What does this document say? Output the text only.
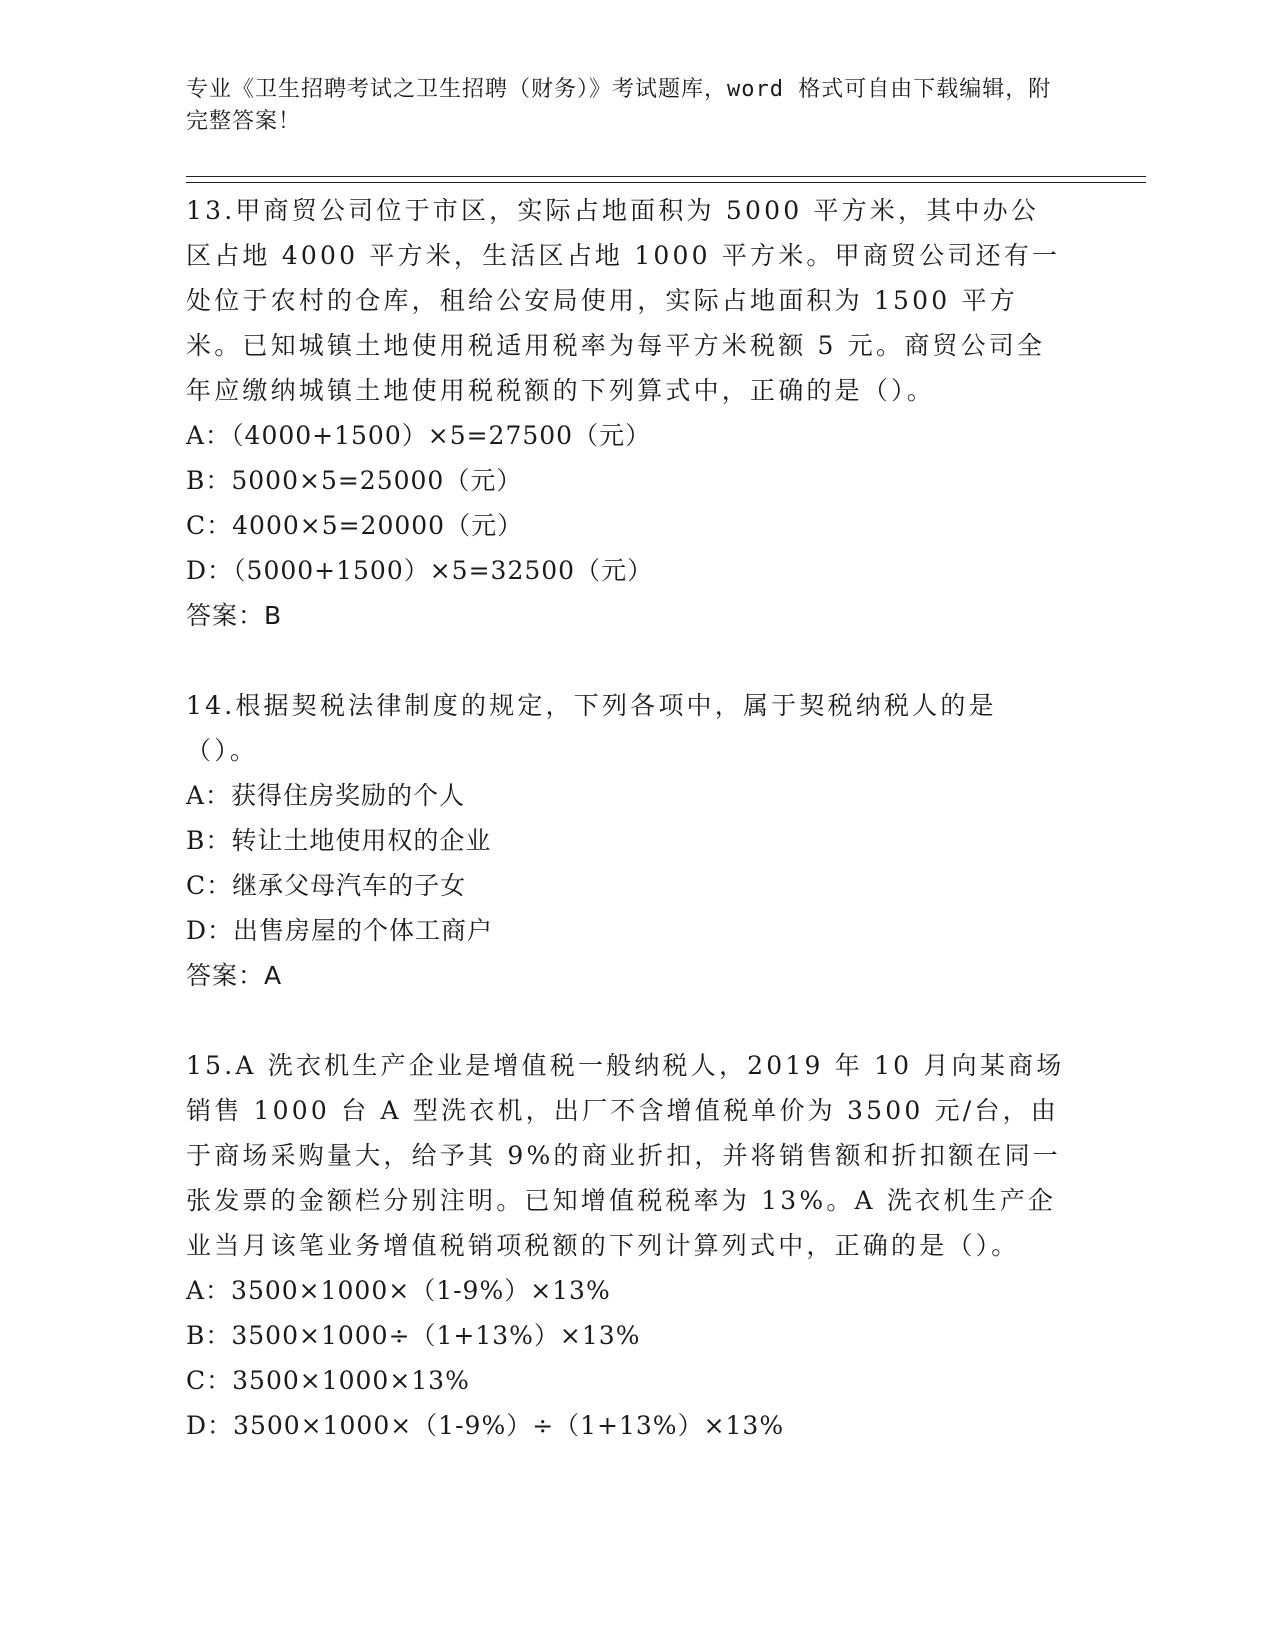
专业《卫生招聘考试之卫生招聘（财务）》考试题库，word 格式可自由下载编辑，附完整答案！
13.甲商贸公司位于市区，实际占地面积为 5000 平方米，其中办公区占地 4000 平方米，生活区占地 1000 平方米。甲商贸公司还有一处位于农村的仓库，租给公安局使用，实际占地面积为 1500 平方米。已知城镇土地使用税适用税率为每平方米税额 5 元。商贸公司全年应缴纳城镇土地使用税税额的下列算式中，正确的是（）。
A：（4000+1500）×5=27500（元）
B：5000×5=25000（元）
C：4000×5=20000（元）
D：（5000+1500）×5=32500（元）
答案：B
14.根据契税法律制度的规定，下列各项中，属于契税纳税人的是（）。
A：获得住房奖励的个人
B：转让土地使用权的企业
C：继承父母汽车的子女
D：出售房屋的个体工商户
答案：A
15.A 洗衣机生产企业是增值税一般纳税人，2019 年 10 月向某商场销售 1000 台 A 型洗衣机，出厂不含增值税单价为 3500 元/台，由于商场采购量大，给予其 9%的商业折扣，并将销售额和折扣额在同一张发票的金额栏分别注明。已知增值税税率为 13%。A 洗衣机生产企业当月该笔业务增值税销项税额的下列计算列式中，正确的是（）。
A：3500×1000×（1-9%）×13%
B：3500×1000÷（1+13%）×13%
C：3500×1000×13%
D：3500×1000×（1-9%）÷（1+13%）×13%
